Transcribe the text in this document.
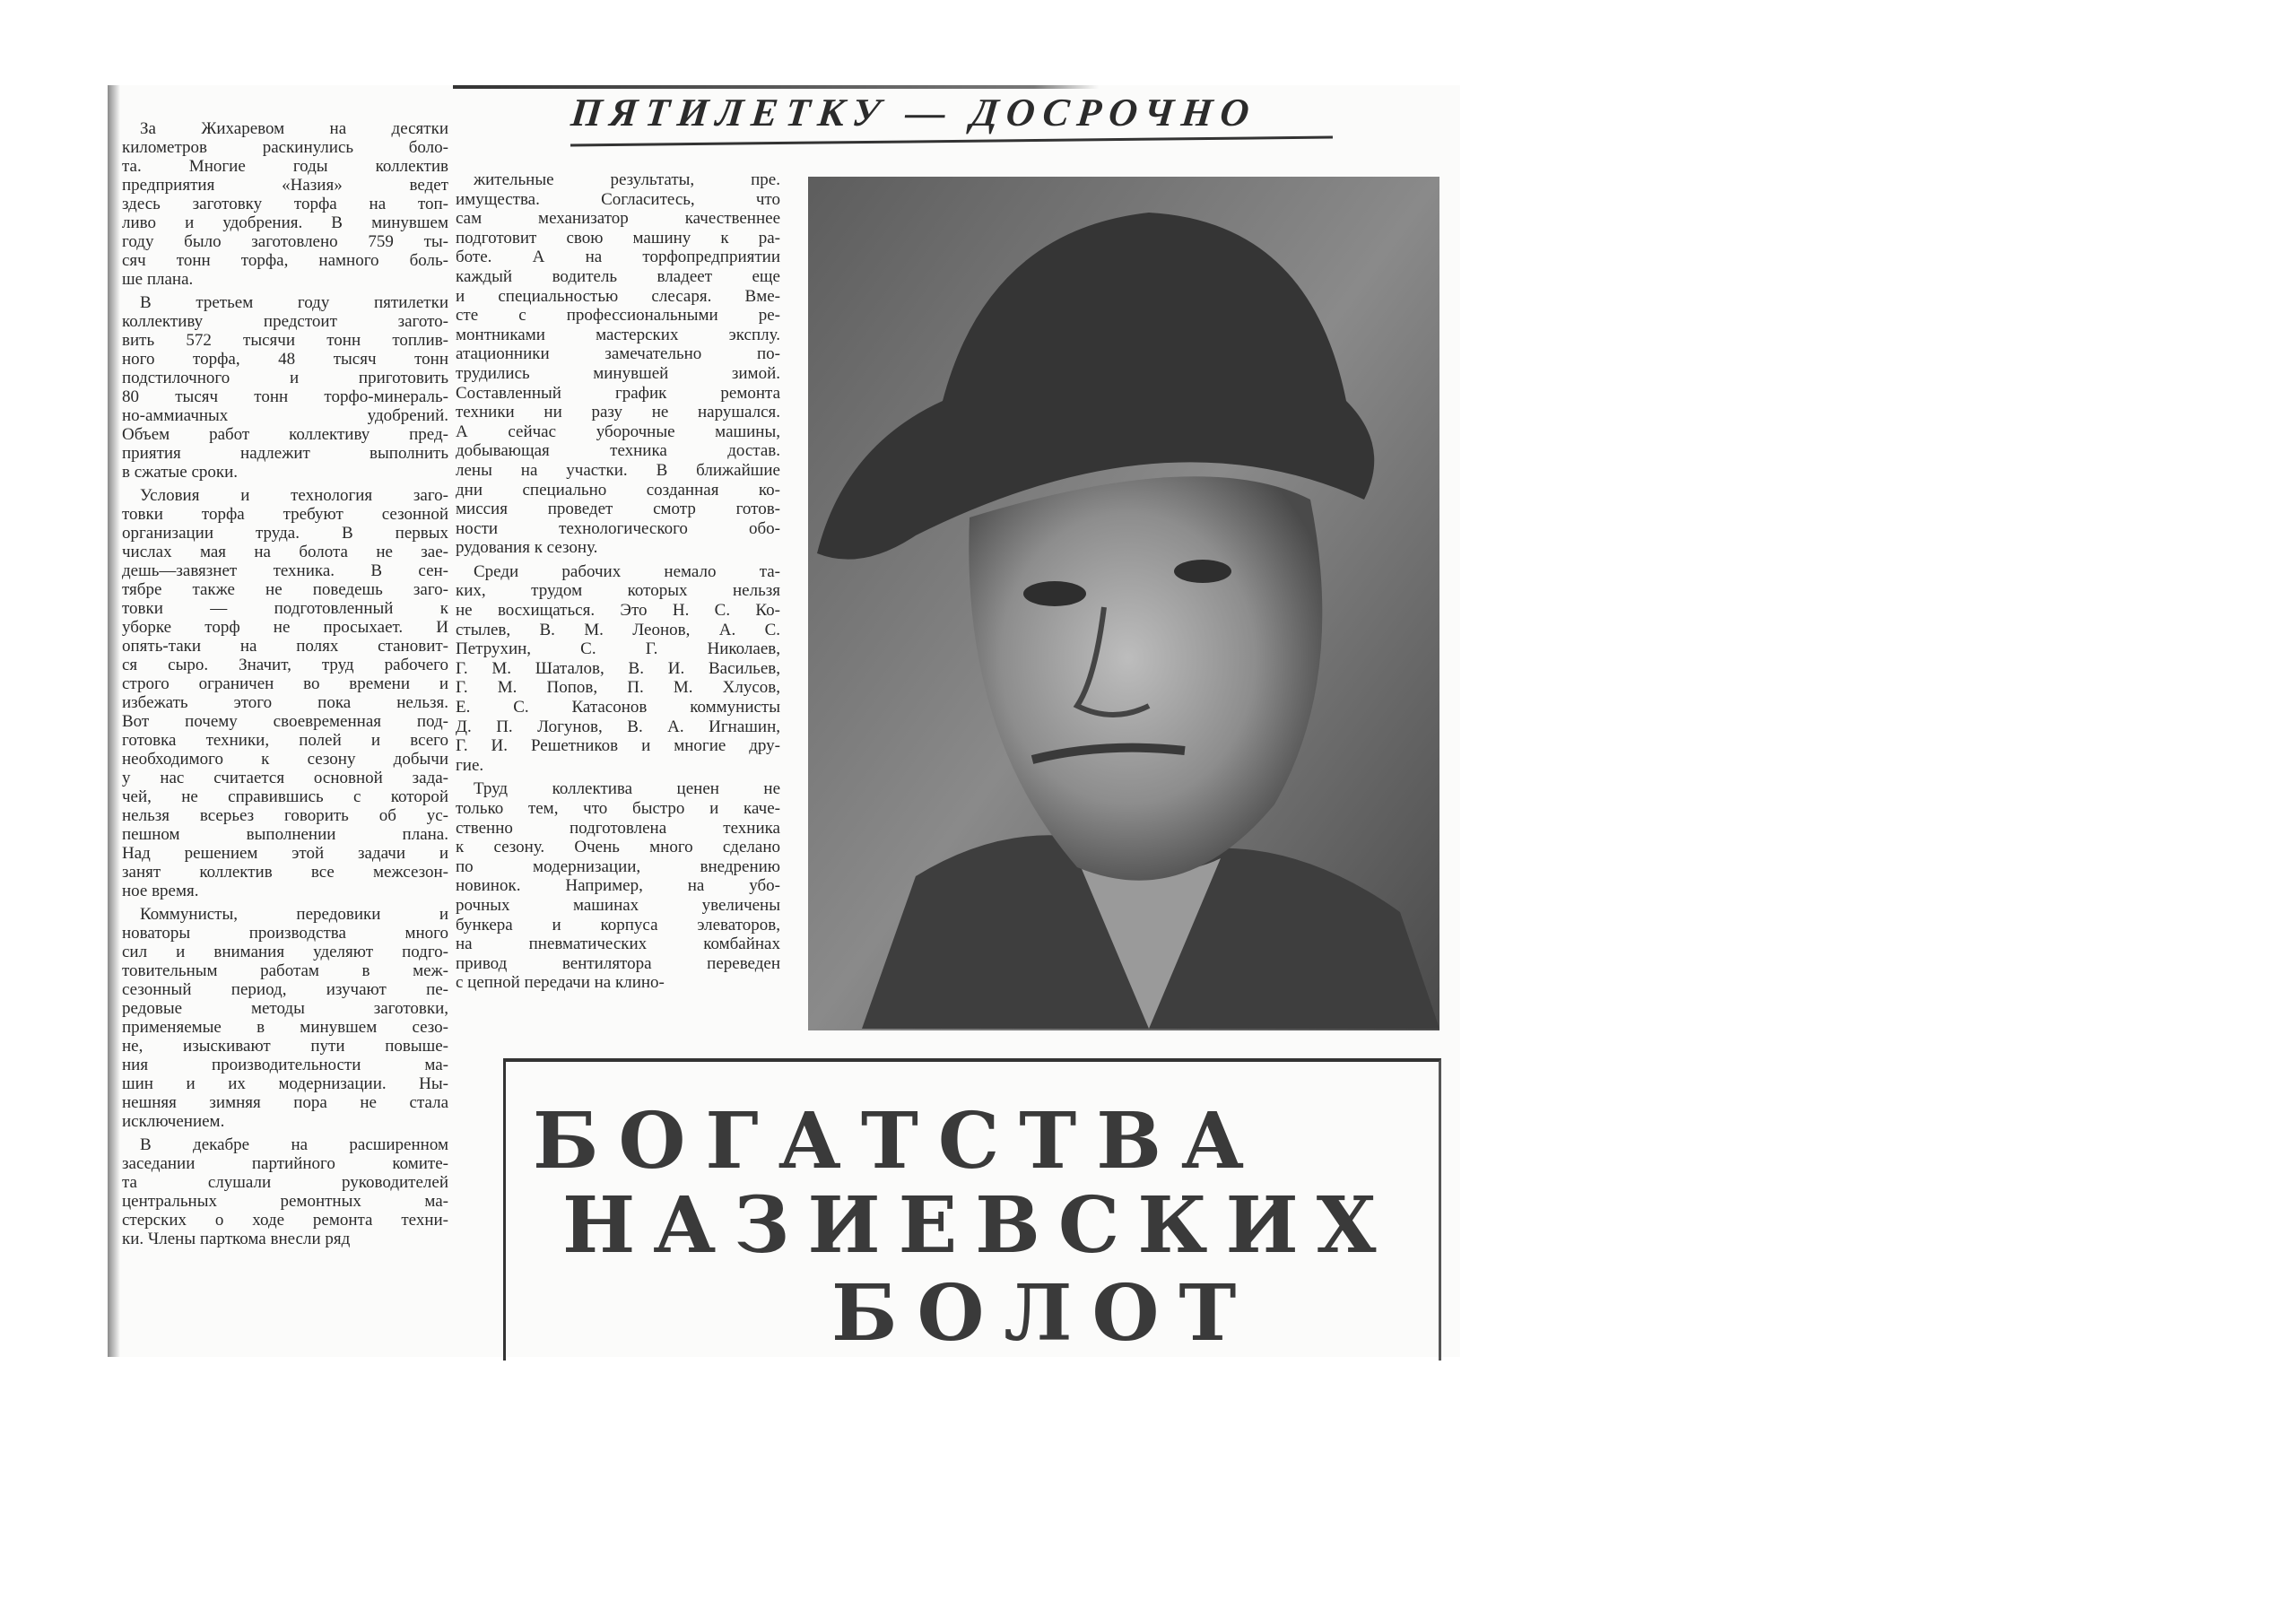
ПЯТИЛЕТКУ — ДОСРОЧНО
За Жихаревом на десятки
километров раскинулись боло-
та. Многие годы коллектив
предприятия «Назия» ведет
здесь заготовку торфа на топ-
ливо и удобрения. В минувшем
году было заготовлено 759 ты-
сяч тонн торфа, намного боль-
ше плана.
В третьем году пятилетки
коллективу предстоит загото-
вить 572 тысячи тонн топлив-
ного торфа, 48 тысяч тонн
подстилочного и приготовить
80 тысяч тонн торфо-минераль-
но-аммиачных удобрений.
Объем работ коллективу пред-
приятия надлежит выполнить
в сжатые сроки.
Условия и технология заго-
товки торфа требуют сезонной
организации труда. В первых
числах мая на болота не зае-
дешь—завязнет техника. В сен-
тябре также не поведешь заго-
товки — подготовленный к
уборке торф не просыхает. И
опять-таки на полях становит-
ся сыро. Значит, труд рабочего
строго ограничен во времени и
избежать этого пока нельзя.
Вот почему своевременная под-
готовка техники, полей и всего
необходимого к сезону добычи
у нас считается основной зада-
чей, не справившись с которой
нельзя всерьез говорить об ус-
пешном выполнении плана.
Над решением этой задачи и
занят коллектив все межсезон-
ное время.
Коммунисты, передовики и
новаторы производства много
сил и внимания уделяют подго-
товительным работам в меж-
сезонный период, изучают пе-
редовые методы заготовки,
применяемые в минувшем сезо-
не, изыскивают пути повыше-
ния производительности ма-
шин и их модернизации. Ны-
нешняя зимняя пора не стала
исключением.
В декабре на расширенном
заседании партийного комите-
та слушали руководителей
центральных ремонтных ма-
стерских о ходе ремонта техни-
ки. Члены парткома внесли ряд
жительные результаты, пре.
имущества. Согласитесь, что
сам механизатор качественнее
подготовит свою машину к ра-
боте. А на торфопредприятии
каждый водитель владеет еще
и специальностью слесаря. Вме-
сте с профессиональными ре-
монтниками мастерских эксплу.
атационники замечательно по-
трудились минувшей зимой.
Составленный график ремонта
техники ни разу не нарушался.
А сейчас уборочные машины,
добывающая техника достав.
лены на участки. В ближайшие
дни специально созданная ко-
миссия проведет смотр готов-
ности технологического обо-
рудования к сезону.
Среди рабочих немало та-
ких, трудом которых нельзя
не восхищаться. Это Н. С. Ко-
стылев, В. М. Леонов, А. С.
Петрухин, С. Г. Николаев,
Г. М. Шаталов, В. И. Васильев,
Г. М. Попов, П. М. Хлусов,
Е. С. Катасонов коммунисты
Д. П. Логунов, В. А. Игнашин,
Г. И. Решетников и многие дру-
гие.
Труд коллектива ценен не
только тем, что быстро и каче-
ственно подготовлена техника
к сезону. Очень много сделано
по модернизации, внедрению
новинок. Например, на убо-
рочных машинах увеличены
бункера и корпуса элеваторов,
на пневматических комбайнах
привод вентилятора переведен
с цепной передачи на клино-
БОГАТСТВА
НАЗИЕВСКИХ
БОЛОТ
